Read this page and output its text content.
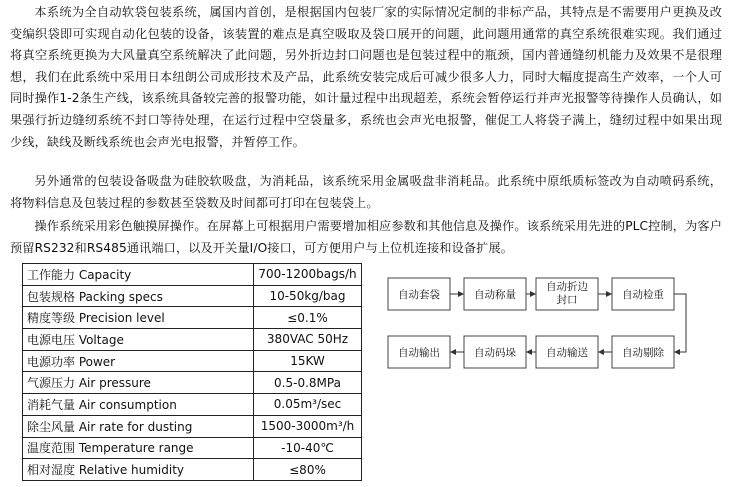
本系统为全自动软袋包装系统，属国内首创，是根据国内包装厂家的实际情况定制的非标产品，其特点是不需要用户更换及改变编织袋即可实现自动化包装的设备，该装置的难点是真空吸取及袋口展开的问题，此问题用通常的真空系统很难实现。我们通过将真空系统更换为大风量真空系统解决了此问题，另外折边封口问题也是包装过程中的瓶颈，国内普通缝纫机能力及效果不是很理想，我们在此系统中采用日本纽朗公司成形技术及产品，此系统安装完成后可减少很多人力，同时大幅度提高生产效率，一个人可同时操作1-2条生产线，该系统具备较完善的报警功能，如计量过程中出现超差，系统会暂停运行并声光报警等待操作人员确认，如果强行折边缝纫系统不封口等待处理，在运行过程中空袋量多，系统也会声光电报警，催促工人将袋子满上，缝纫过程中如果出现少线，缺线及断线系统也会声光电报警，并暂停工作。
另外通常的包装设备吸盘为硅胶软吸盘，为消耗品，该系统采用金属吸盘非消耗品。此系统中原纸质标签改为自动喷码系统，将物料信息及包装过程的参数甚至袋数及时间都可打印在包装袋上。
操作系统采用彩色触摸屏操作。在屏幕上可根据用户需要增加相应参数和其他信息及操作。该系统采用先进的PLC控制，为客户预留RS232和RS485通讯端口，以及开关量I/O接口，可方便用户与上位机连接和设备扩展。
工作能力 Capacity	700-1200bags/h
包装规格 Packing specs	10-50kg/bag
精度等级 Precision level	≤0.1%
电源电压 Voltage	380VAC 50Hz
电源功率 Power	15KW
气源压力 Air pressure	0.5-0.8MPa
消耗气量 Air consumption	0.05m³/sec
除尘风量 Air rate for dusting	1500-3000m³/h
温度范围 Temperature range	-10-40℃
相对湿度 Relative humidity	≤80%
自动套袋	自动称量
自动折边封口	自动检重
自动输出	自动码垛	自动输送	自动剔除
